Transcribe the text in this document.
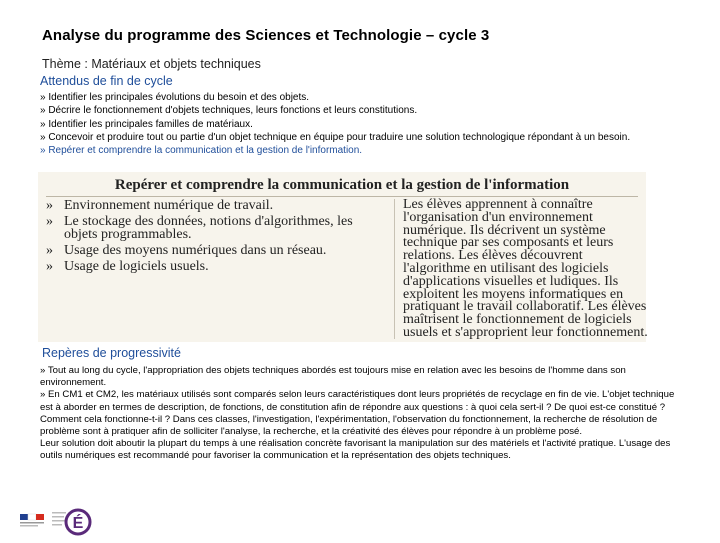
Analyse du programme des Sciences et Technologie – cycle 3
Thème : Matériaux et objets techniques
Attendus de fin de cycle
» Identifier les principales évolutions du besoin et des objets.
» Décrire le fonctionnement d'objets techniques, leurs fonctions et leurs constitutions.
» Identifier les principales familles de matériaux.
» Concevoir et produire tout ou partie d'un objet technique en équipe pour traduire une solution technologique répondant à un besoin.
» Repérer et comprendre la communication et la gestion de l'information.
Repérer et comprendre la communication et la gestion de l'information
» Environnement numérique de travail.
» Le stockage des données, notions d'algorithmes, les objets programmables.
» Usage des moyens numériques dans un réseau.
» Usage de logiciels usuels.
Les élèves apprennent à connaître l'organisation d'un environnement numérique. Ils décrivent un système technique par ses composants et leurs relations. Les élèves découvrent l'algorithme en utilisant des logiciels d'applications visuelles et ludiques. Ils exploitent les moyens informatiques en pratiquant le travail collaboratif. Les élèves maîtrisent le fonctionnement de logiciels usuels et s'approprient leur fonctionnement.
Repères de progressivité
» Tout au long du cycle, l'appropriation des objets techniques abordés est toujours mise en relation avec les besoins de l'homme dans son environnement.
» En CM1 et CM2, les matériaux utilisés sont comparés selon leurs caractéristiques dont leurs propriétés de recyclage en fin de vie. L'objet technique est à aborder en termes de description, de fonctions, de constitution afin de répondre aux questions : à quoi cela sert-il ? De quoi est-ce constitué ? Comment cela fonctionne-t-il ? Dans ces classes, l'investigation, l'expérimentation, l'observation du fonctionnement, la recherche de résolution de problème sont à pratiquer afin de solliciter l'analyse, la recherche, et la créativité des élèves pour répondre à un problème posé.
Leur solution doit aboutir la plupart du temps à une réalisation concrète favorisant la manipulation sur des matériels et l'activité pratique. L'usage des outils numériques est recommandé pour favoriser la communication et la représentation des objets techniques.
É
